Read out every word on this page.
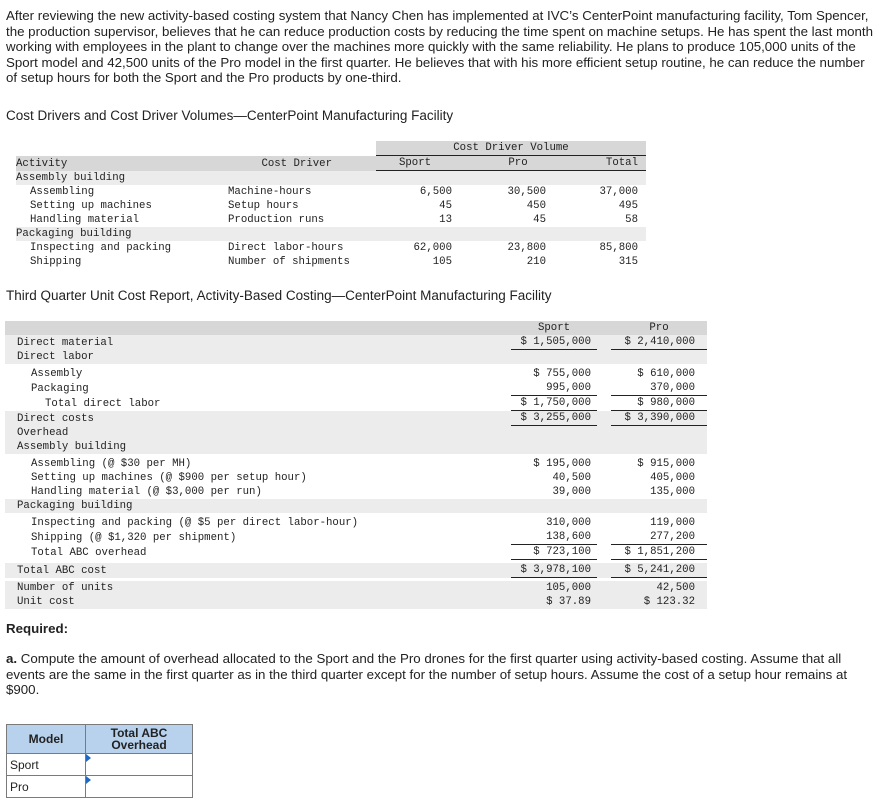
After reviewing the new activity-based costing system that Nancy Chen has implemented at IVC’s CenterPoint manufacturing facility, Tom Spencer, the production supervisor, believes that he can reduce production costs by reducing the time spent on machine setups. He has spent the last month working with employees in the plant to change over the machines more quickly with the same reliability. He plans to produce 105,000 units of the Sport model and 42,500 units of the Pro model in the first quarter. He believes that with his more efficient setup routine, he can reduce the number of setup hours for both the Sport and the Pro products by one-third.

Cost Drivers and Cost Driver Volumes—CenterPoint Manufacturing Facility

		Cost Driver Volume		
Activity	Cost Driver	Sport	Pro	Total
Assembly building				
Assembling	Machine-hours	6,500	30,500	37,000
Setting up machines	Setup hours	45	450	495
Handling material	Production runs	13	45	58
Packaging building				
Inspecting and packing	Direct labor-hours	62,000	23,800	85,800
Shipping	Number of shipments	105	210	315

Third Quarter Unit Cost Report, Activity-Based Costing—CenterPoint Manufacturing Facility

		Sport		Pro
	Direct material	$ 1,505,000		$ 2,410,000
	Direct labor			

	Assembly	$ 755,000		$ 610,000
	Packaging	995,000		370,000
	Total direct labor	$ 1,750,000		$ 980,000
	Direct costs	$ 3,255,000		$ 3,390,000
	Overhead			
	Assembly building			

	Assembling (@ $30 per MH)	$ 195,000		$ 915,000
	Setting up machines (@ $900 per setup hour)	40,500		405,000
	Handling material (@ $3,000 per run)	39,000		135,000
	Packaging building			

	Inspecting and packing (@ $5 per direct labor-hour)	310,000		119,000
	Shipping (@ $1,320 per shipment)	138,600		277,200
	Total ABC overhead	$ 723,100		$ 1,851,200

	Total ABC cost	$ 3,978,100		$ 5,241,200

	Number of units	105,000		42,500
	Unit cost	$ 37.89		$ 123.32
Required:
a. Compute the amount of overhead allocated to the Sport and the Pro drones for the first quarter using activity-based costing. Assume that all events are the same in the first quarter as in the third quarter except for the number of setup hours. Assume the cost of a setup hour remains at $900.
Model	Total ABC Overhead
Sport	

Pro	
